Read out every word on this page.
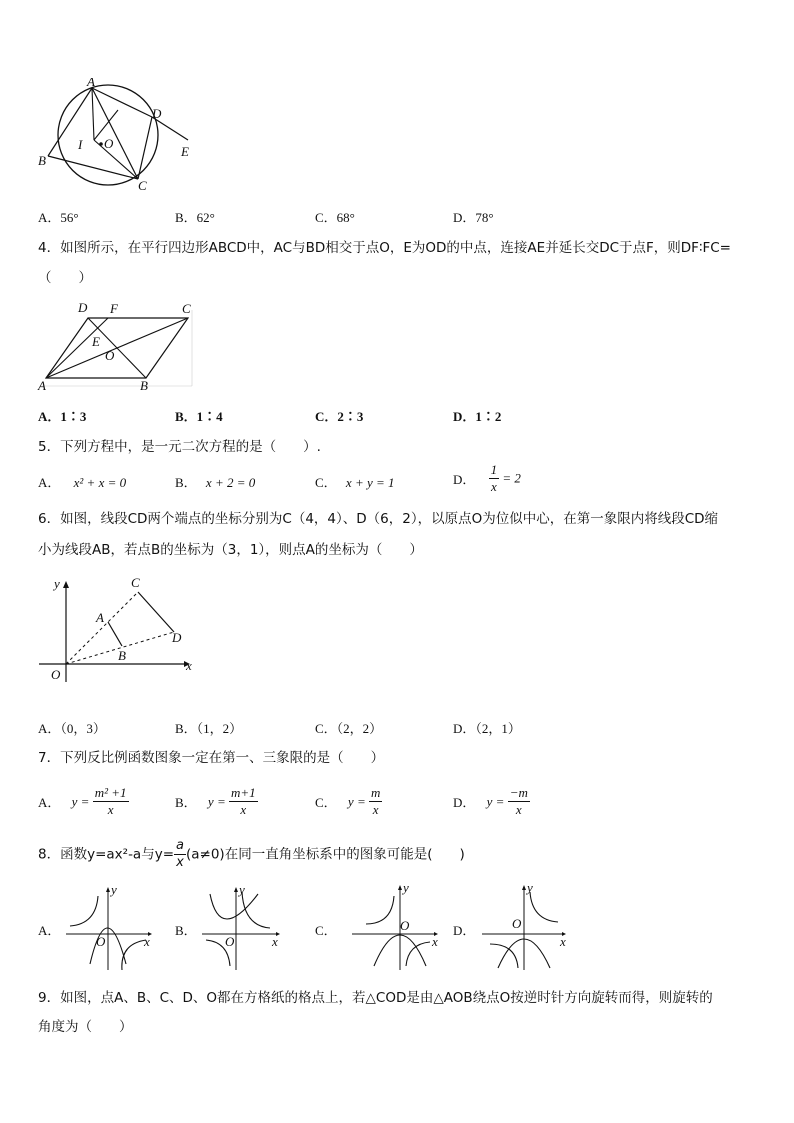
A
D
E
I O
B
C
A．56°	B．62°	C．68°	D．78°
4．如图所示，在平行四边形ABCD中，AC与BD相交于点O，E为OD的中点，连接AE并延长交DC于点F，则DF∶FC=
（　　）
D F	C
E
O
A	B
A．1∶3	B．1∶4	C．2∶3	D．1∶2
5．下列方程中，是一元二次方程的是（　　）.
A． x² + x = 0	B． x + 2 = 0	C． x + y = 1	D． $\frac{1}{x} = 2$
6．如图，线段CD两个端点的坐标分别为C（4，4）、D（6，2），以原点O为位似中心，在第一象限内将线段CD缩
小为线段AB，若点B的坐标为（3，1），则点A的坐标为（　　）
y	C
A
D
B
O
x
A．（0，3）	B．（1，2）	C．（2，2）	D．（2，1）
7．下列反比例函数图象一定在第一、三象限的是（　　）
A． $y = \frac{\text{m² +1}}{x}$	B． $y = \frac{m+1}{x}$	C． $y = \frac{m}{x}$	D． $y = \frac{-m}{x}$
8．函数y=ax²-a与$y= \frac{a}{x} (a\ne 0)$在同一直角坐标系中的图象可能是(　　)
A．
y
O	x
B．
y
O	x
C．
y
O
x
D．
y
O
x
9．如图，点A、B、C、D、O都在方格纸的格点上，若△COD是由△AOB绕点O按逆时针方向旋转而得，则旋转的
角度为（　　）
